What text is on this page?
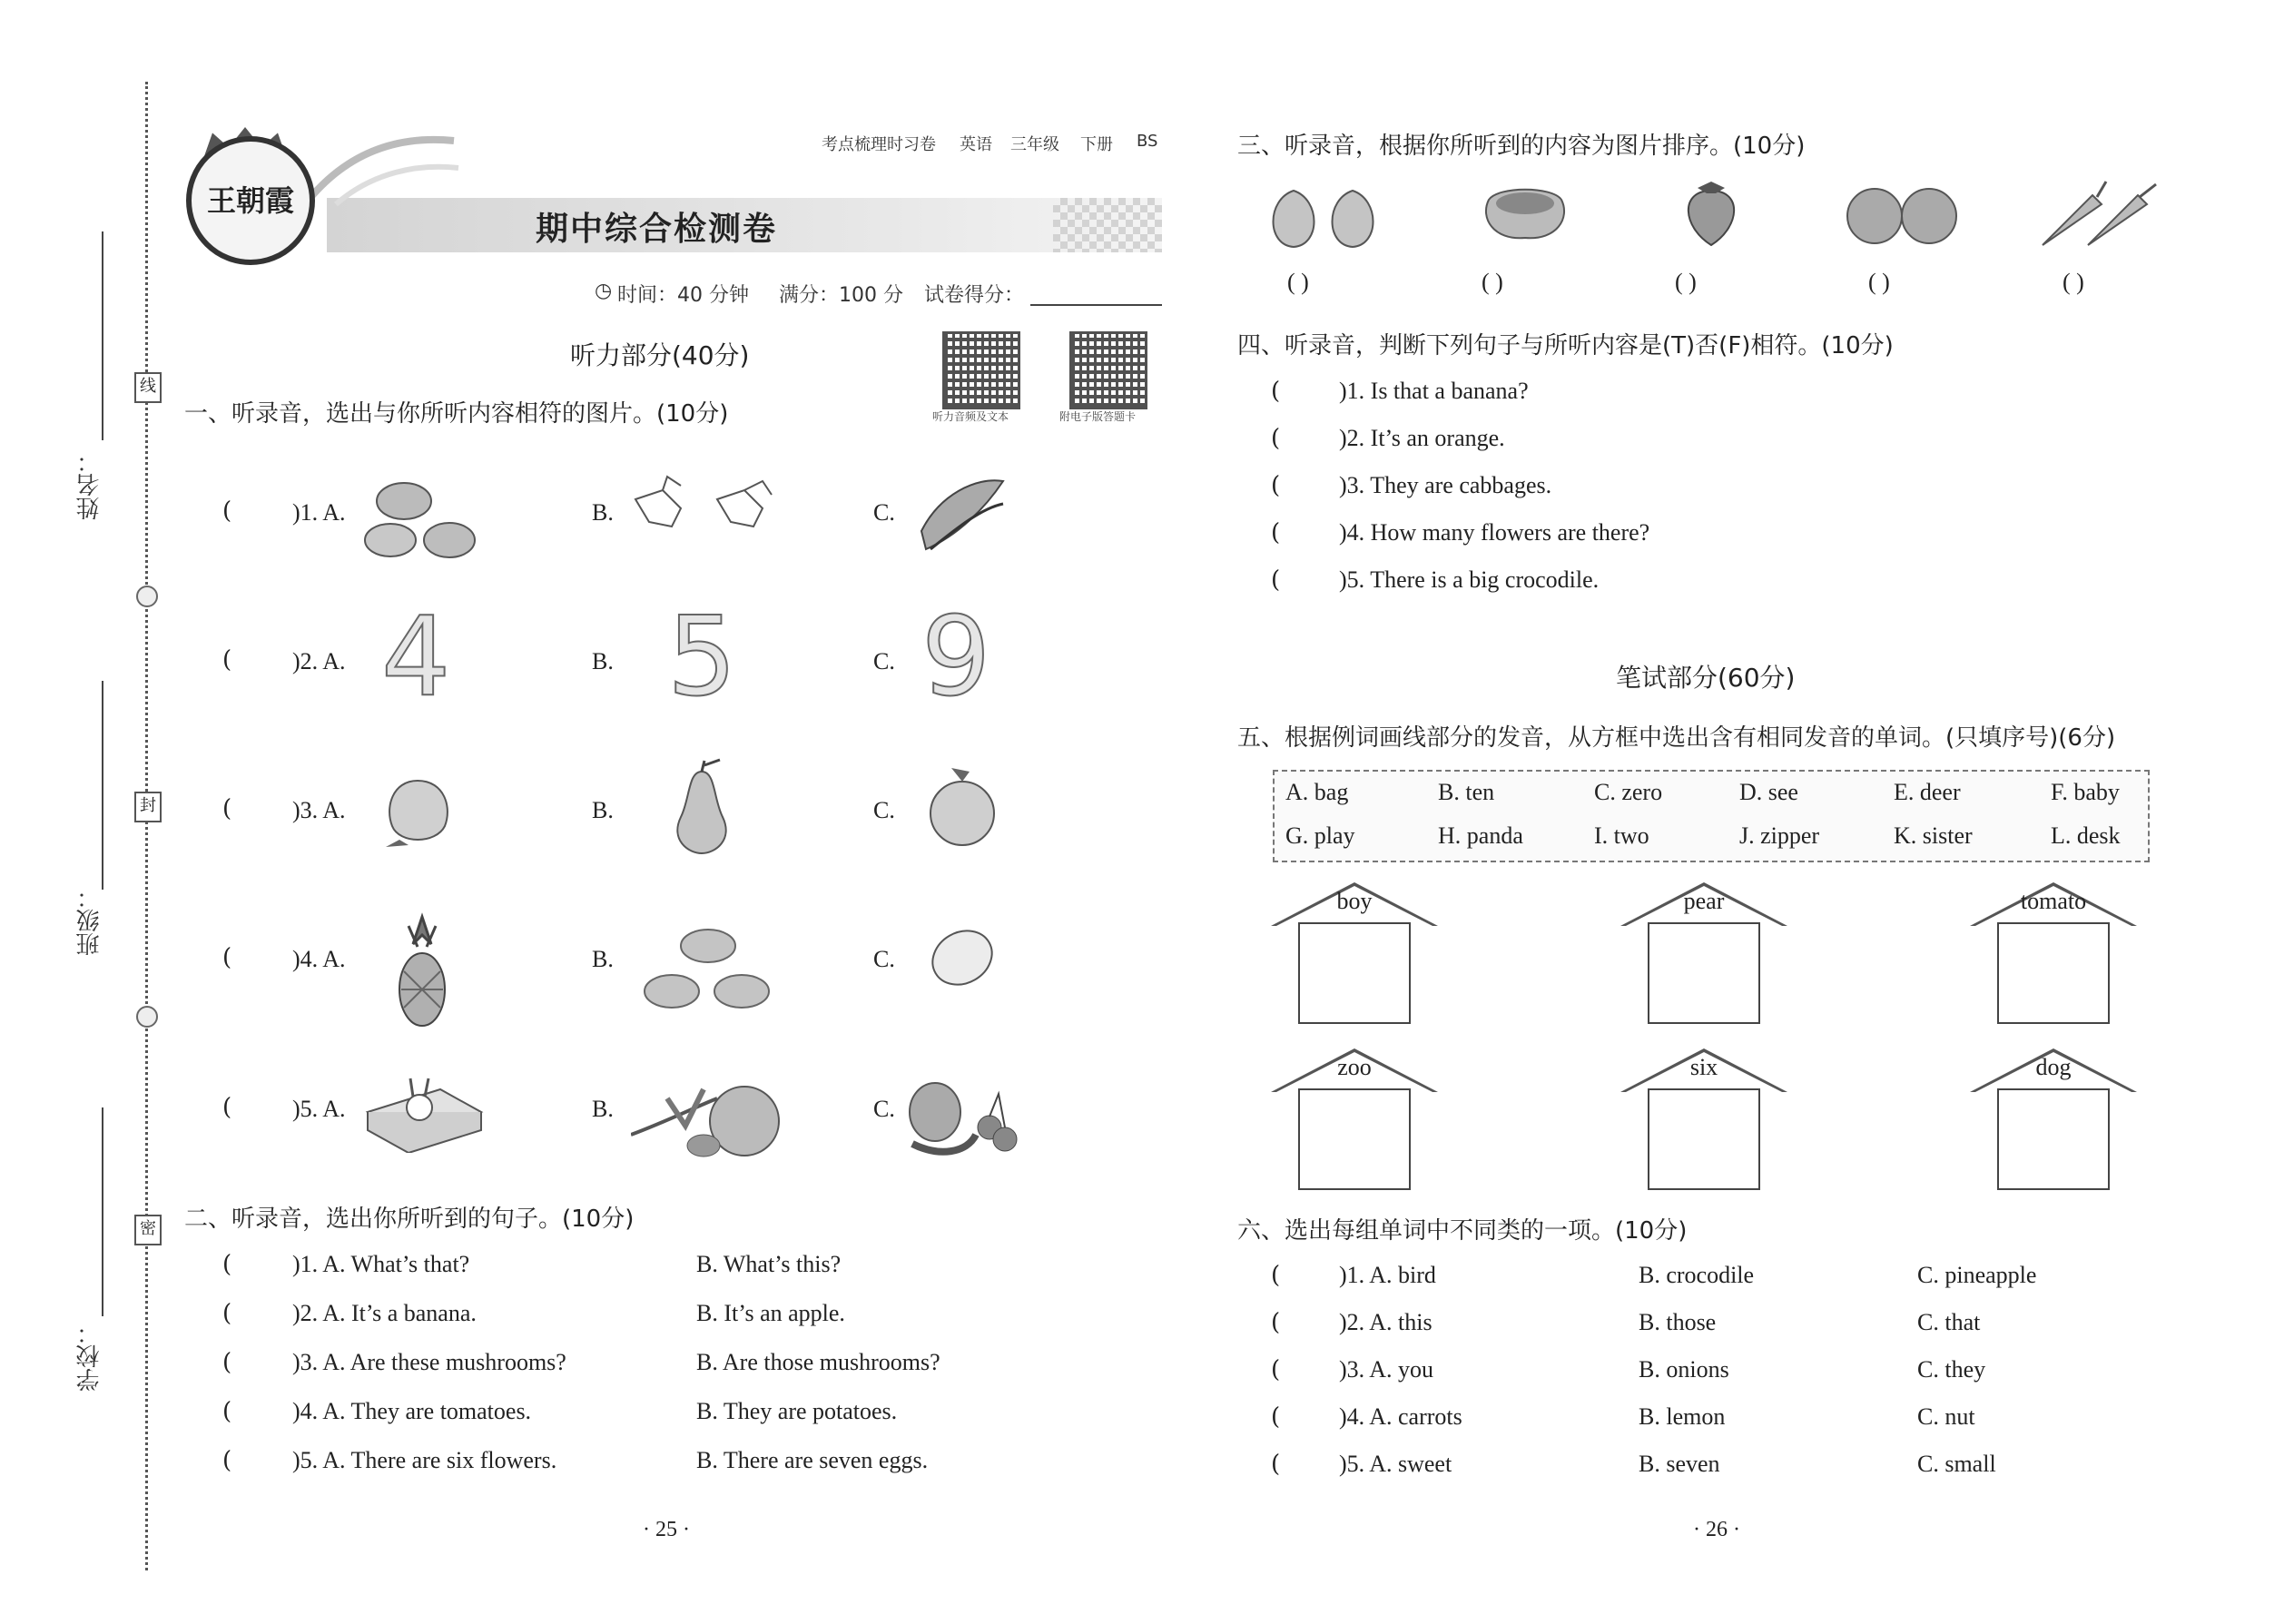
姓名：
班级：
学校：
线
封
密
王朝霞
期中综合检测卷
考点梳理时习卷 英语 三年级 下册 BS
◷ 时间：40 分钟 满分：100 分 试卷得分：
听力部分(40分)
听力音频及文本	附电子版答题卡
一、听录音，选出与你所听内容相符的图片。(10分)
(	)1. A.	B.	C.
(	)2. A.	B.	C.
4 5 9
(	)3. A.	B.	C.
(	)4. A.	B.	C.
(	)5. A.	B.	C.
二、听录音，选出你所听到的句子。(10分)
(	)1. A. What’s that?	B. What’s this?
(	)2. A. It’s a banana.	B. It’s an apple.
(	)3. A. Are these mushrooms?	B. Are those mushrooms?
(	)4. A. They are tomatoes.	B. They are potatoes.
(	)5. A. There are six flowers.	B. There are seven eggs.
· 25 ·
三、听录音，根据你所听到的内容为图片排序。(10分)
( )	( )	( )	( )	( )
四、听录音，判断下列句子与所听内容是(T)否(F)相符。(10分)
( )1. Is that a banana?
( )2. It’s an orange.
( )3. They are cabbages.
( )4. How many flowers are there?
( )5. There is a big crocodile.
笔试部分(60分)
五、根据例词画线部分的发音，从方框中选出含有相同发音的单词。(只填序号)(6分)
A. bag	B. ten	C. zero	D. see	E. deer	F. baby
G. play	H. panda	I. two	J. zipper	K. sister	L. desk
boy	pear	tomato
zoo	six	dog
六、选出每组单词中不同类的一项。(10分)
( )1. A. bird	B. crocodile	C. pineapple
( )2. A. this	B. those	C. that
( )3. A. you	B. onions	C. they
( )4. A. carrots	B. lemon	C. nut
( )5. A. sweet	B. seven	C. small
· 26 ·
